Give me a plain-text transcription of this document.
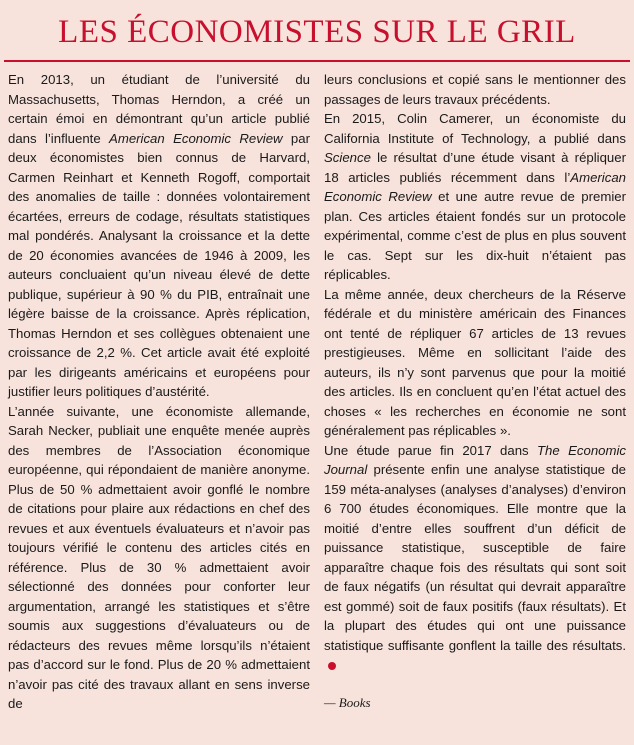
LES ÉCONOMISTES SUR LE GRIL

En 2013, un étudiant de l’université du Massachusetts, Thomas Herndon, a créé un certain émoi en démontrant qu’un article publié dans l’influente American Economic Review par deux économistes bien connus de Harvard, Carmen Reinhart et Kenneth Rogoff, comportait des anomalies de taille : données volontairement écartées, erreurs de codage, résultats statistiques mal pondérés. Analysant la croissance et la dette de 20 économies avancées de 1946 à 2009, les auteurs concluaient qu’un niveau élevé de dette publique, supérieur à 90 % du PIB, entraînait une légère baisse de la croissance. Après réplication, Thomas Herndon et ses collègues obtenaient une croissance de 2,2 %. Cet article avait été exploité par les dirigeants américains et européens pour justifier leurs politiques d’austérité.

L’année suivante, une économiste allemande, Sarah Necker, publiait une enquête menée auprès des membres de l’Association économique européenne, qui répondaient de manière anonyme. Plus de 50 % admettaient avoir gonflé le nombre de citations pour plaire aux rédactions en chef des revues et aux éventuels évaluateurs et n’avoir pas toujours vérifié le contenu des articles cités en référence. Plus de 30 % admettaient avoir sélectionné des données pour conforter leur argumentation, arrangé les statistiques et s’être soumis aux suggestions d’évaluateurs ou de rédacteurs des revues même lorsqu’ils n’étaient pas d’accord sur le fond. Plus de 20 % admettaient n’avoir pas cité des travaux allant en sens inverse de

leurs conclusions et copié sans le mentionner des passages de leurs travaux précédents.

En 2015, Colin Camerer, un économiste du California Institute of Technology, a publié dans Science le résultat d’une étude visant à répliquer 18 articles publiés récemment dans l’American Economic Review et une autre revue de premier plan. Ces articles étaient fondés sur un protocole expérimental, comme c’est de plus en plus souvent le cas. Sept sur les dix-huit n’étaient pas réplicables.

La même année, deux chercheurs de la Réserve fédérale et du ministère américain des Finances ont tenté de répliquer 67 articles de 13 revues prestigieuses. Même en sollicitant l’aide des auteurs, ils n’y sont parvenus que pour la moitié des articles. Ils en concluent qu’en l’état actuel des choses « les recherches en économie ne sont généralement pas réplicables ».

Une étude parue fin 2017 dans The Economic Journal présente enfin une analyse statistique de 159 méta-analyses (analyses d’analyses) d’environ 6 700 études économiques. Elle montre que la moitié d’entre elles souffrent d’un déficit de puissance statistique, susceptible de faire apparaître chaque fois des résultats qui sont soit de faux négatifs (un résultat qui devrait apparaître est gommé) soit de faux positifs (faux résultats). Et la plupart des études qui ont une puissance statistique suffisante gonflent la taille des résultats.

— Books
